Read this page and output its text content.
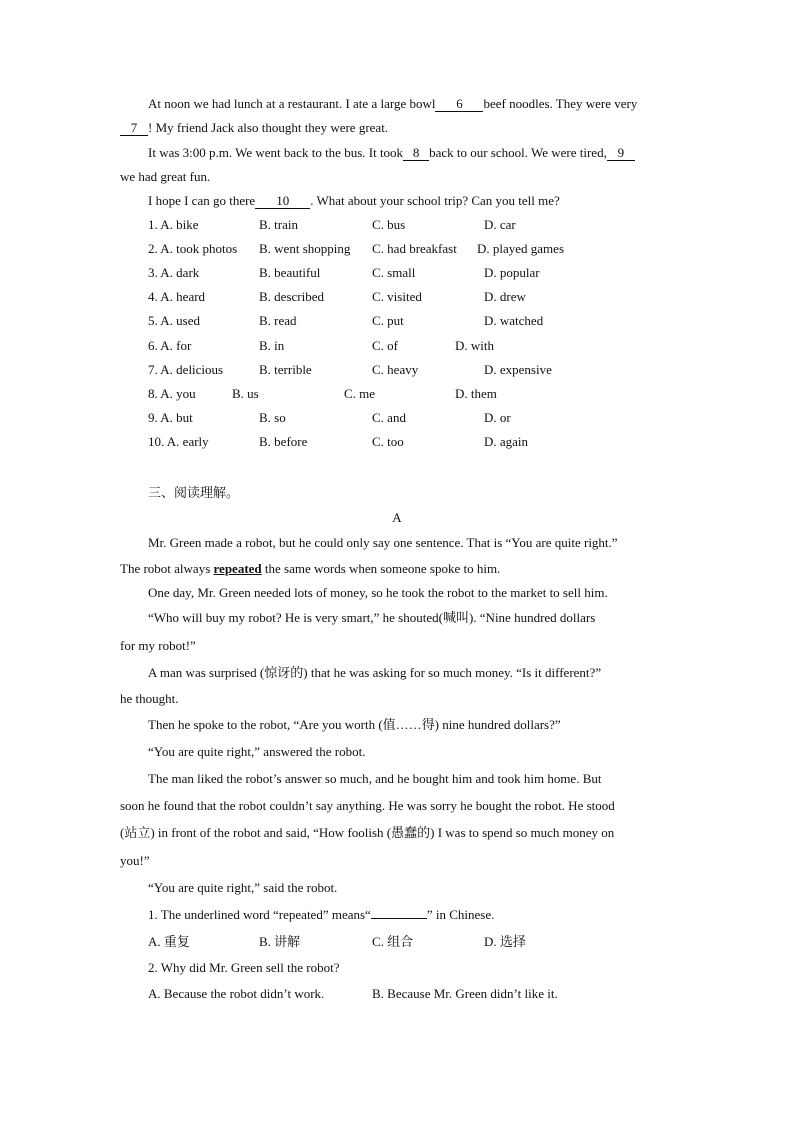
At noon we had lunch at a restaurant. I ate a large bowl 6 beef noodles. They were very
7 ! My friend Jack also thought they were great.
It was 3:00 p.m. We went back to the bus. It took 8 back to our school. We were tired, 9
we had great fun.
I hope I can go there 10 . What about your school trip? Can you tell me?
1. A. bike	B. train	C. bus	D. car
2. A. took photos B. went shopping C. had breakfast D. played games
3. A. dark	B. beautiful	C. small	D. popular
4. A. heard	B. described	C. visited	D. drew
5. A. used	B. read	C. put	D. watched
6. A. for	B. in	C. of	D. with
7. A. delicious	B. terrible	C. heavy	D. expensive
8. A. you	B. us	C. me	D. them
9. A. but	B. so	C. and	D. or
10. A. early	B. before	C. too	D. again
三、阅读理解。
A
Mr. Green made a robot, but he could only say one sentence. That is “You are quite right.”
The robot always repeated the same words when someone spoke to him.
One day, Mr. Green needed lots of money, so he took the robot to the market to sell him.
“Who will buy my robot? He is very smart,” he shouted(喊叫). “Nine hundred dollars
for my robot!”
A man was surprised (惊讶的) that he was asking for so much money. “Is it different?”
he thought.
Then he spoke to the robot, “Are you worth (值……得) nine hundred dollars?”
“You are quite right,” answered the robot.
The man liked the robot’s answer so much, and he bought him and took him home. But
soon he found that the robot couldn’t say anything. He was sorry he bought the robot. He stood
(站立) in front of the robot and said, “How foolish (愚蠢的) I was to spend so much money on
you!”
“You are quite right,” said the robot.
1. The underlined word “repeated” means“	” in Chinese.
A. 重复	B. 讲解	C. 组合	D. 选择
2. Why did Mr. Green sell the robot?
A. Because the robot didn’t work.	B. Because Mr. Green didn’t like it.
